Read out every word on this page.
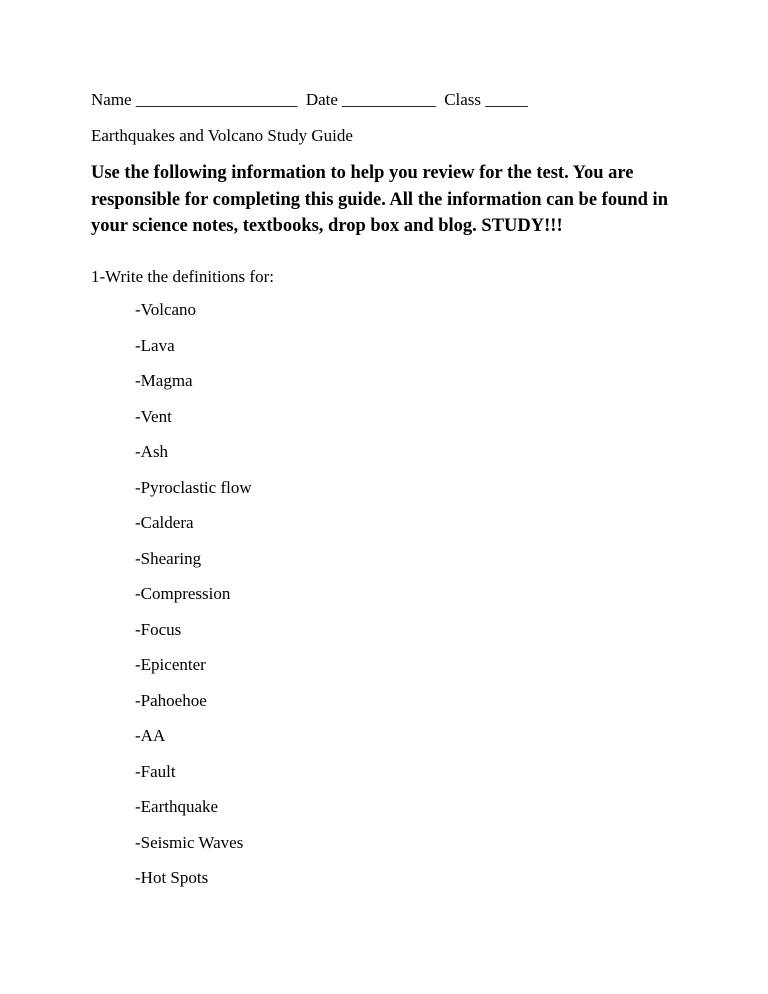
Name ___________________ Date ___________ Class _____
Earthquakes and Volcano Study Guide
Use the following information to help you review for the test. You are responsible for completing this guide. All the information can be found in your science notes, textbooks, drop box and blog. STUDY!!!
1-Write the definitions for:
-Volcano
-Lava
-Magma
-Vent
-Ash
-Pyroclastic flow
-Caldera
-Shearing
-Compression
-Focus
-Epicenter
-Pahoehoe
-AA
-Fault
-Earthquake
-Seismic Waves
-Hot Spots
